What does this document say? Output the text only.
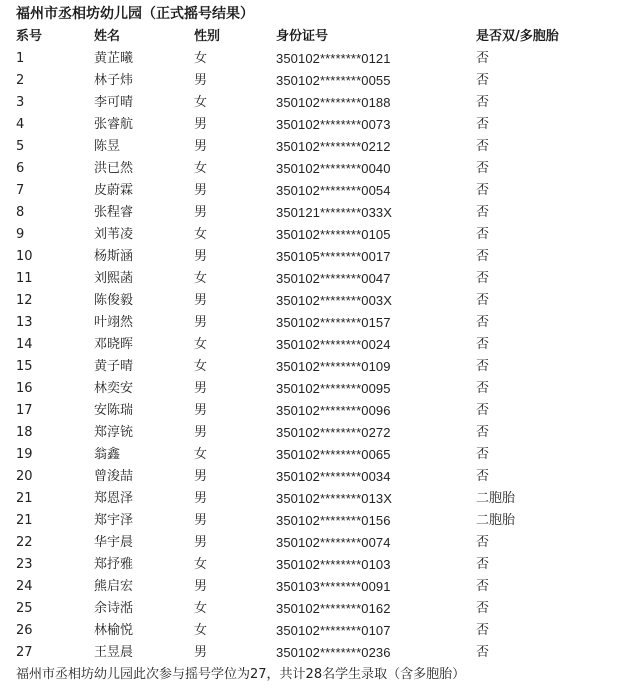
福州市丞相坊幼儿园（正式摇号结果）
系号	姓名	性别	身份证号	是否双/多胞胎
1	黄芷曦	女	350102********0121	否
2	林子炜	男	350102********0055	否
3	李可晴	女	350102********0188	否
4	张睿航	男	350102********0073	否
5	陈昱	男	350102********0212	否
6	洪已然	女	350102********0040	否
7	皮蔚霖	男	350102********0054	否
8	张程睿	男	350121********033X	否
9	刘苇凌	女	350102********0105	否
10	杨斯涵	男	350105********0017	否
11	刘熙菡	女	350102********0047	否
12	陈俊毅	男	350102********003X	否
13	叶翊然	男	350102********0157	否
14	邓晓晖	女	350102********0024	否
15	黄子晴	女	350102********0109	否
16	林奕安	男	350102********0095	否
17	安陈瑞	男	350102********0096	否
18	郑淳铳	男	350102********0272	否
19	翁鑫	女	350102********0065	否
20	曾浚喆	男	350102********0034	否
21	郑恩泽	男	350102********013X	二胞胎
21	郑宇泽	男	350102********0156	二胞胎
22	华宇晨	男	350102********0074	否
23	郑抒雅	女	350102********0103	否
24	熊启宏	男	350103********0091	否
25	余诗湉	女	350102********0162	否
26	林榆悦	女	350102********0107	否
27	王昱晨	男	350102********0236	否
福州市丞相坊幼儿园此次参与摇号学位为27，共计28名学生录取（含多胞胎）
